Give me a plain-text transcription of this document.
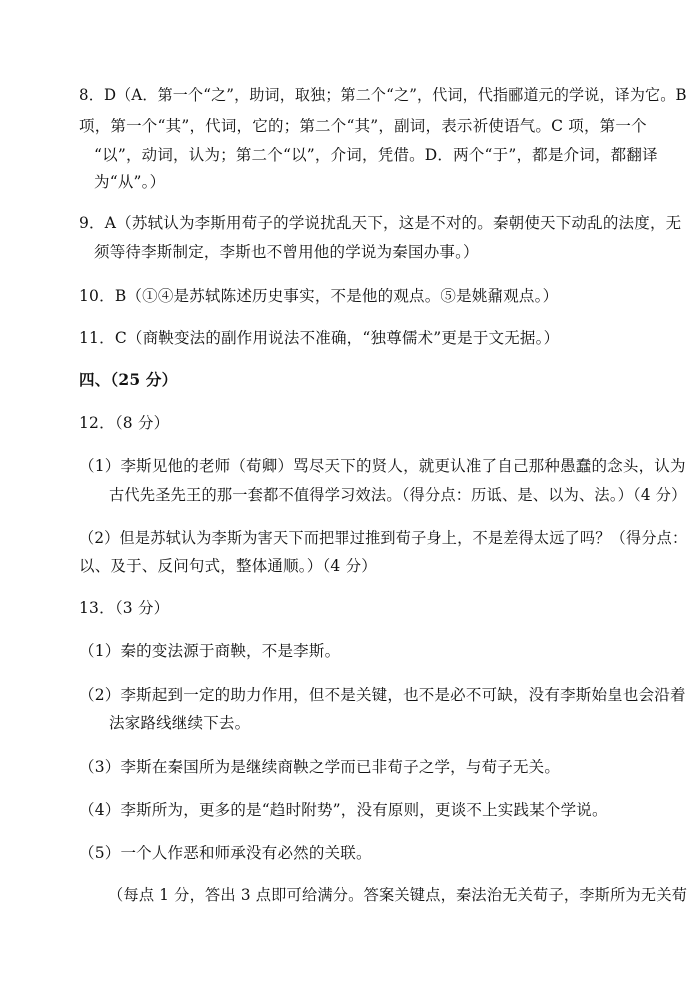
8．D（A．第一个“之”，助词，取独；第二个“之”，代词，代指郦道元的学说，译为它。B
项，第一个“其”，代词，它的；第二个“其”，副词，表示祈使语气。C 项，第一个
“以”，动词，认为；第二个“以”，介词，凭借。D．两个“于”，都是介词，都翻译
为“从”。）
9．A（苏轼认为李斯用荀子的学说扰乱天下，这是不对的。秦朝使天下动乱的法度，无
须等待李斯制定，李斯也不曾用他的学说为秦国办事。）
10．B（①④是苏轼陈述历史事实，不是他的观点。⑤是姚鼐观点。）
11．C（商鞅变法的副作用说法不准确，“独尊儒术”更是于文无据。）
四、（25 分）
12．（8 分）
（1）李斯见他的老师（荀卿）骂尽天下的贤人，就更认准了自己那种愚蠢的念头，认为
古代先圣先王的那一套都不值得学习效法。（得分点：历诋、是、以为、法。）（4 分）
（2）但是苏轼认为李斯为害天下而把罪过推到荀子身上，不是差得太远了吗？（得分点：
以、及于、反问句式，整体通顺。）（4 分）
13．（3 分）
（1）秦的变法源于商鞅，不是李斯。
（2）李斯起到一定的助力作用，但不是关键，也不是必不可缺，没有李斯始皇也会沿着
法家路线继续下去。
（3）李斯在秦国所为是继续商鞅之学而已非荀子之学，与荀子无关。
（4）李斯所为，更多的是“趋时附势”，没有原则，更谈不上实践某个学说。
（5）一个人作恶和师承没有必然的关联。
（每点 1 分，答出 3 点即可给满分。答案关键点，秦法治无关荀子，李斯所为无关荀
